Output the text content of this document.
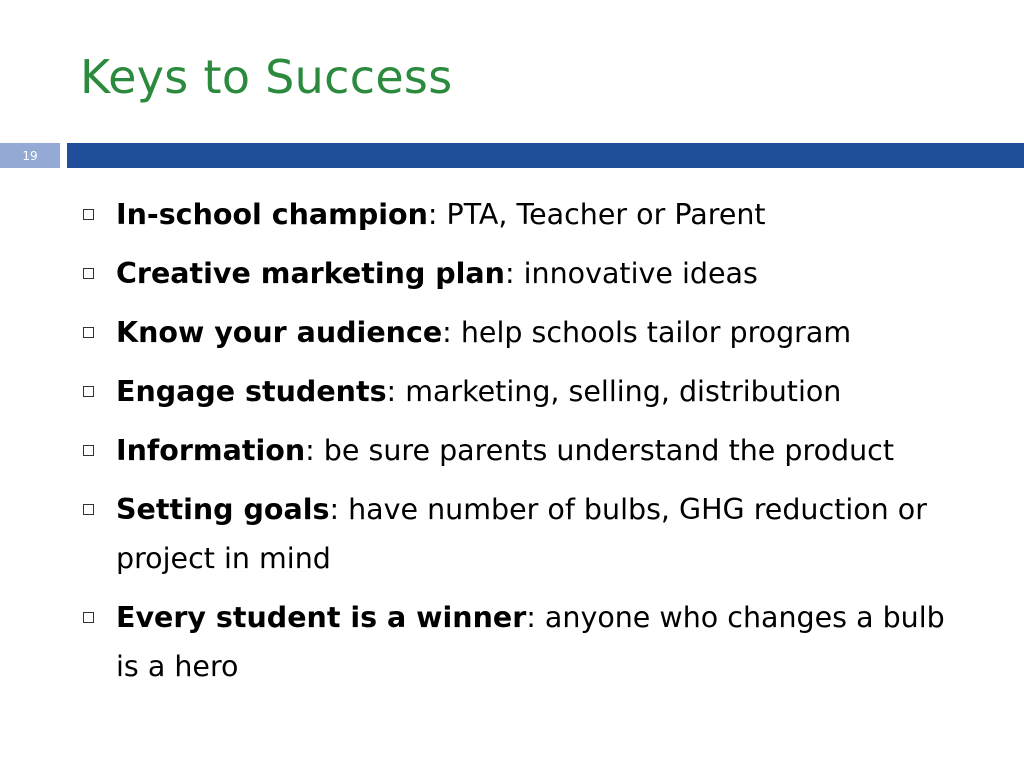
Keys to Success
19
In-school champion: PTA, Teacher or Parent
Creative marketing plan: innovative ideas
Know your audience: help schools tailor program
Engage students: marketing, selling, distribution
Information: be sure parents understand the product
Setting goals: have number of bulbs, GHG reduction or project in mind
Every student is a winner: anyone who changes a bulb is a hero
